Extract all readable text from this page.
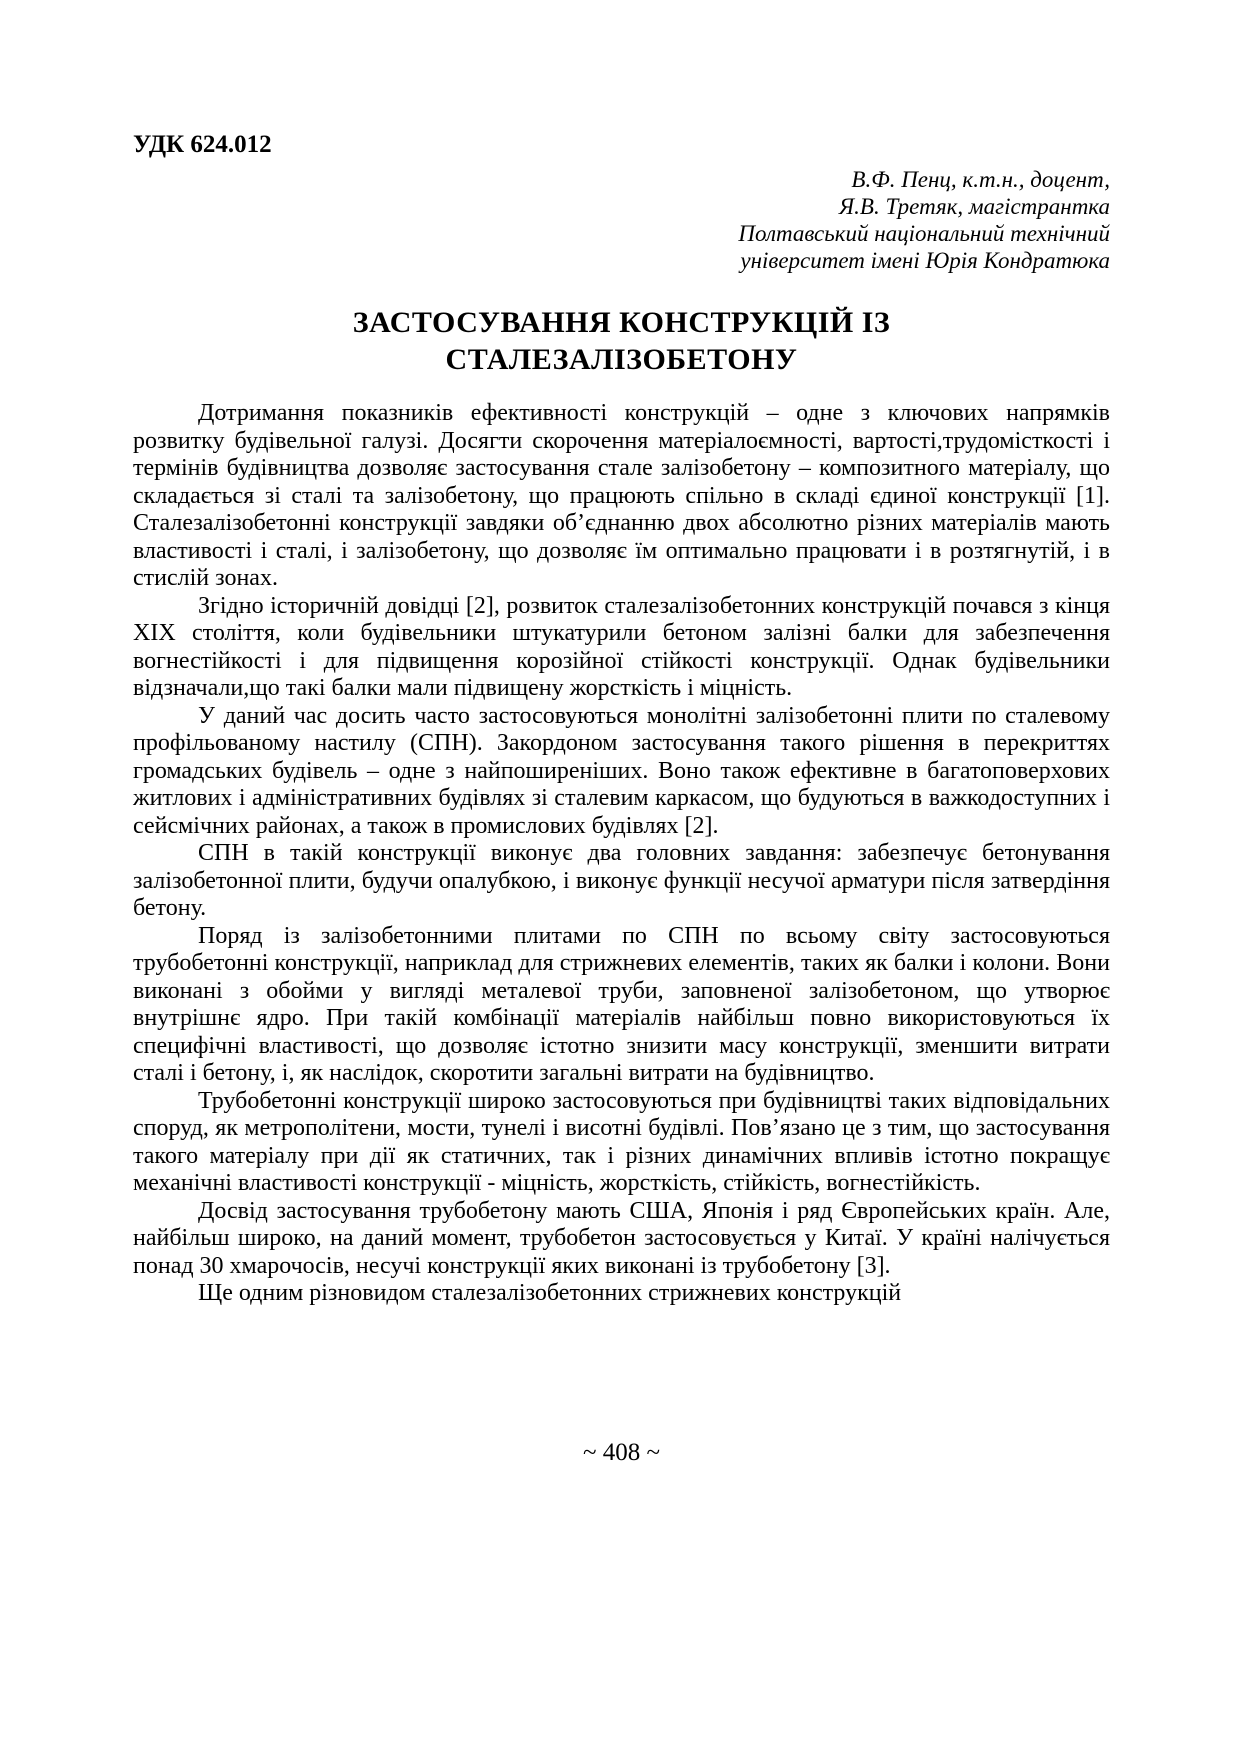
УДК 624.012
В.Ф. Пенц, к.т.н., доцент,
Я.В. Третяк, магістрантка
Полтавський національний технічний
університет імені Юрія Кондратюка
ЗАСТОСУВАННЯ КОНСТРУКЦІЙ ІЗ
СТАЛЕЗАЛІЗОБЕТОНУ

Дотримання показників ефективності конструкцій – одне з ключових напрямків розвитку будівельної галузі. Досягти скорочення матеріалоємності, вартості,трудомісткості і термінів будівництва дозволяє застосування стале залізобетону – композитного матеріалу, що складається зі сталі та залізобетону, що працюють спільно в складі єдиної конструкції [1]. Сталезалізобетонні конструкції завдяки об’єднанню двох абсолютно різних матеріалів мають властивості і сталі, і залізобетону, що дозволяє їм оптимально працювати і в розтягнутій, і в стислій зонах.

Згідно історичній довідці [2], розвиток сталезалізобетонних конструкцій почався з кінця ХІХ століття, коли будівельники штукатурили бетоном залізні балки для забезпечення вогнестійкості і для підвищення корозійної стійкості конструкції. Однак будівельники відзначали,що такі балки мали підвищену жорсткість і міцність.

У даний час досить часто застосовуються монолітні залізобетонні плити по сталевому профільованому настилу (СПН). Закордоном застосування такого рішення в перекриттях громадських будівель – одне з найпоширеніших. Воно також ефективне в багатоповерхових житлових і адміністративних будівлях зі сталевим каркасом, що будуються в важкодоступних і сейсмічних районах, а також в промислових будівлях [2].

СПН в такій конструкції виконує два головних завдання: забезпечує бетонування залізобетонної плити, будучи опалубкою, і виконує функції несучої арматури після затвердіння бетону.

Поряд із залізобетонними плитами по СПН по всьому світу застосовуються трубобетонні конструкції, наприклад для стрижневих елементів, таких як балки і колони. Вони виконані з обойми у вигляді металевої труби, заповненої залізобетоном, що утворює внутрішнє ядро. При такій комбінації матеріалів найбільш повно використовуються їх специфічні властивості, що дозволяє істотно знизити масу конструкції, зменшити витрати сталі і бетону, і, як наслідок, скоротити загальні витрати на будівництво.

Трубобетонні конструкції широко застосовуються при будівництві таких відповідальних споруд, як метрополітени, мости, тунелі і висотні будівлі. Пов’язано це з тим, що застосування такого матеріалу при дії як статичних, так і різних динамічних впливів істотно покращує механічні властивості конструкції - міцність, жорсткість, стійкість, вогнестійкість.

Досвід застосування трубобетону мають США, Японія і ряд Європейських країн. Але, найбільш широко, на даний момент, трубобетон застосовується у Китаї. У країні налічується понад 30 хмарочосів, несучі конструкції яких виконані із трубобетону [3].

Ще одним різновидом сталезалізобетонних стрижневих конструкцій

~ 408 ~
